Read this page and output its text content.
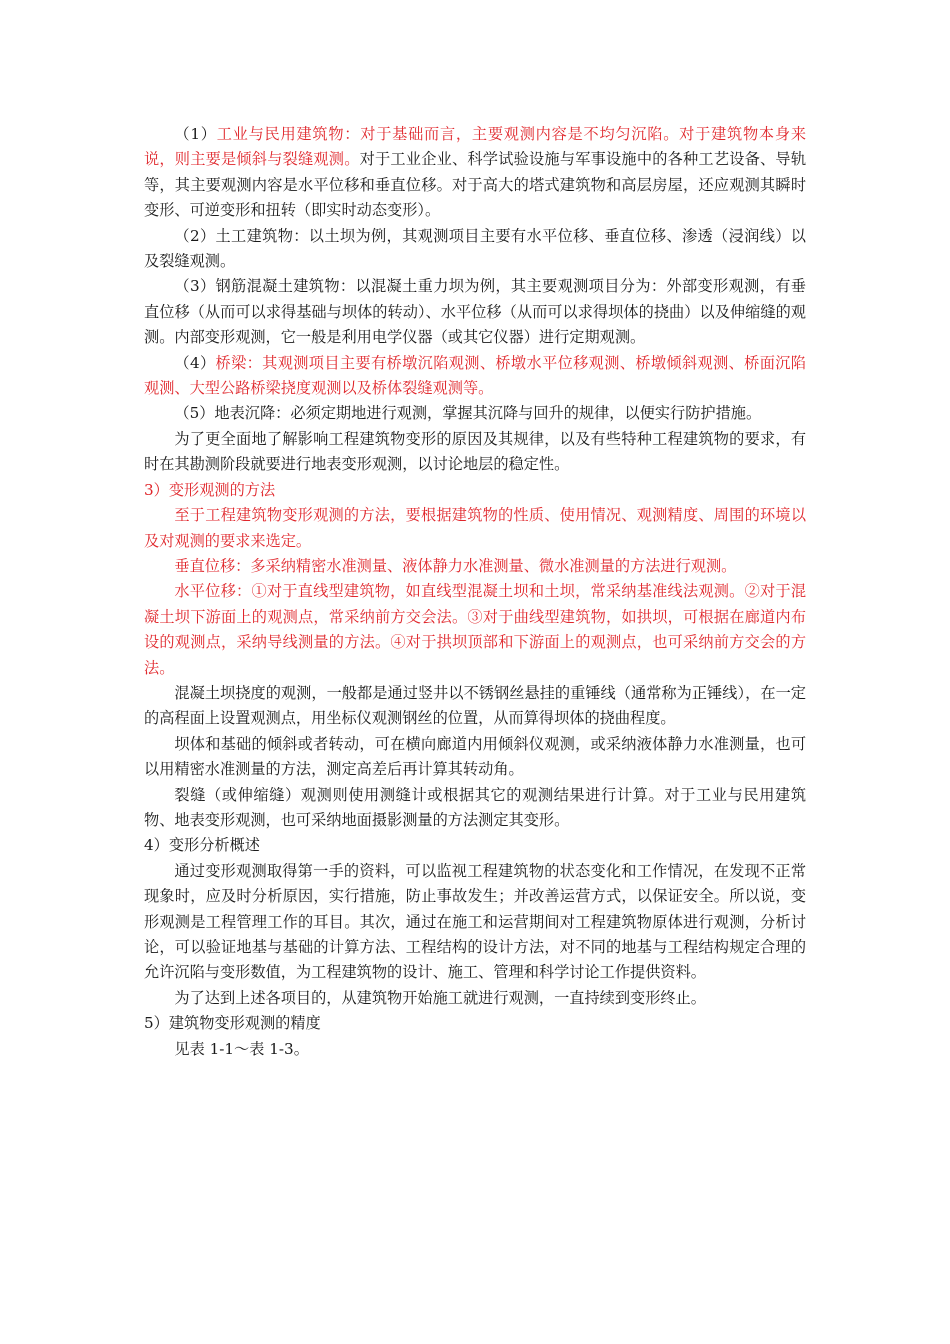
（1）工业与民用建筑物：对于基础而言，主要观测内容是不均匀沉陷。对于建筑物本身来说，则主要是倾斜与裂缝观测。对于工业企业、科学试验设施与军事设施中的各种工艺设备、导轨等，其主要观测内容是水平位移和垂直位移。对于高大的塔式建筑物和高层房屋，还应观测其瞬时变形、可逆变形和扭转（即实时动态变形）。

（2）土工建筑物：以土坝为例，其观测项目主要有水平位移、垂直位移、渗透（浸润线）以及裂缝观测。

（3）钢筋混凝土建筑物：以混凝土重力坝为例，其主要观测项目分为：外部变形观测，有垂直位移（从而可以求得基础与坝体的转动）、水平位移（从而可以求得坝体的挠曲）以及伸缩缝的观测。内部变形观测，它一般是利用电学仪器（或其它仪器）进行定期观测。

（4）桥梁：其观测项目主要有桥墩沉陷观测、桥墩水平位移观测、桥墩倾斜观测、桥面沉陷观测、大型公路桥梁挠度观测以及桥体裂缝观测等。

（5）地表沉降：必须定期地进行观测，掌握其沉降与回升的规律，以便实行防护措施。

为了更全面地了解影响工程建筑物变形的原因及其规律，以及有些特种工程建筑物的要求，有时在其勘测阶段就要进行地表变形观测，以讨论地层的稳定性。

3）变形观测的方法

至于工程建筑物变形观测的方法，要根据建筑物的性质、使用情况、观测精度、周围的环境以及对观测的要求来选定。

垂直位移：多采纳精密水准测量、液体静力水准测量、微水准测量的方法进行观测。

水平位移：①对于直线型建筑物，如直线型混凝土坝和土坝，常采纳基准线法观测。②对于混凝土坝下游面上的观测点，常采纳前方交会法。③对于曲线型建筑物，如拱坝，可根据在廊道内布设的观测点，采纳导线测量的方法。④对于拱坝顶部和下游面上的观测点，也可采纳前方交会的方法。

混凝土坝挠度的观测，一般都是通过竖井以不锈钢丝悬挂的重锤线（通常称为正锤线），在一定的高程面上设置观测点，用坐标仪观测钢丝的位置，从而算得坝体的挠曲程度。

坝体和基础的倾斜或者转动，可在横向廊道内用倾斜仪观测，或采纳液体静力水准测量，也可以用精密水准测量的方法，测定高差后再计算其转动角。

裂缝（或伸缩缝）观测则使用测缝计或根据其它的观测结果进行计算。对于工业与民用建筑物、地表变形观测，也可采纳地面摄影测量的方法测定其变形。

4）变形分析概述

通过变形观测取得第一手的资料，可以监视工程建筑物的状态变化和工作情况，在发现不正常现象时，应及时分析原因，实行措施，防止事故发生；并改善运营方式，以保证安全。所以说，变形观测是工程管理工作的耳目。其次，通过在施工和运营期间对工程建筑物原体进行观测，分析讨论，可以验证地基与基础的计算方法、工程结构的设计方法，对不同的地基与工程结构规定合理的允许沉陷与变形数值，为工程建筑物的设计、施工、管理和科学讨论工作提供资料。

为了达到上述各项目的，从建筑物开始施工就进行观测，一直持续到变形终止。

5）建筑物变形观测的精度

见表 1-1～表 1-3。
